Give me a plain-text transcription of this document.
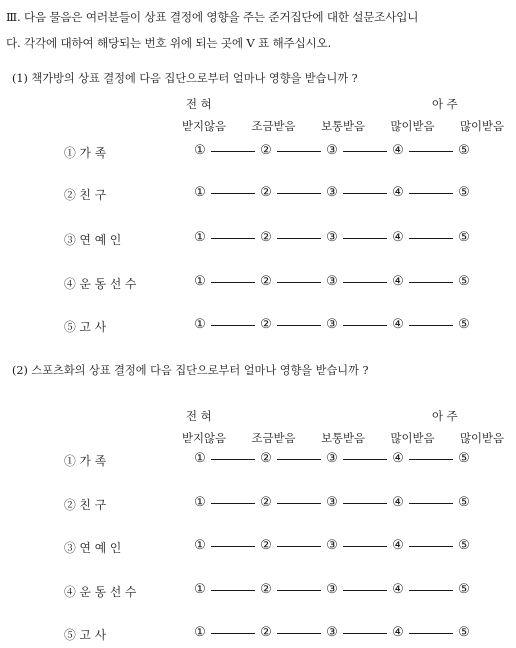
Ⅲ. 다음 물음은 여러분들이 상표 결정에 영향을 주는 준거집단에 대한 설문조사입니
다. 각각에 대하여 해당되는 번호 위에 되는 곳에 V 표 해주십시오.
(1) 책가방의 상표 결정에 다음 집단으로부터 얼마나 영향을 받습니까 ?
전 혀	아 주
받지않음 조금받음 보통받음 많이받음 많이받음
① 가 족	①	②	③	④	⑤
② 친 구	①	②	③	④	⑤
③ 연 예 인	①	②	③	④	⑤
④ 운 동 선 수	①	②	③	④	⑤
⑤ 고 사	①	②	③	④	⑤
(2) 스포츠화의 상표 결정에 다음 집단으로부터 얼마나 영향을 받습니까 ?
전 혀	아 주
받지않음 조금받음 보통받음 많이받음 많이받음
① 가 족	①	②	③	④	⑤
② 친 구	①	②	③	④	⑤
③ 연 예 인	①	②	③	④	⑤
④ 운 동 선 수	①	②	③	④	⑤
⑤ 고 사	①	②	③	④	⑤
